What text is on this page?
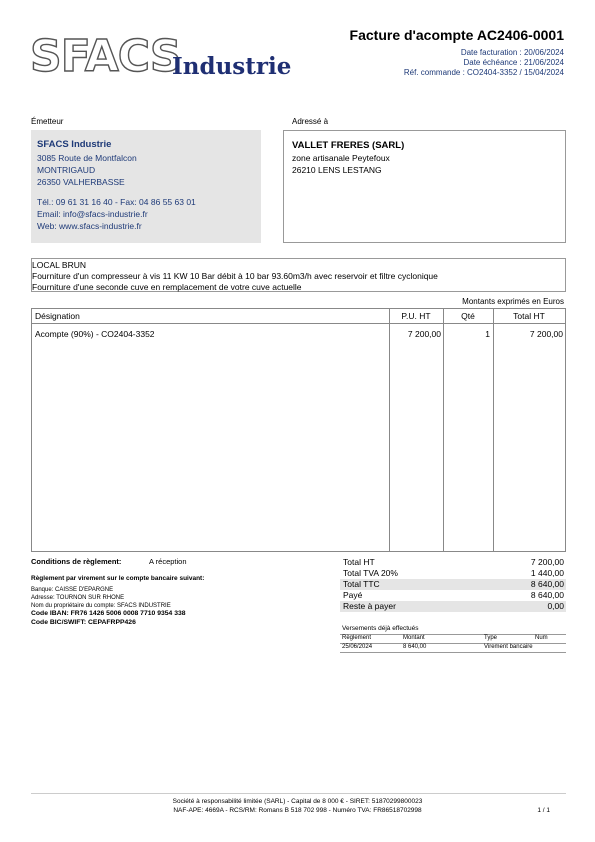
SFACS
Industrie
Facture d'acompte AC2406-0001
Date facturation : 20/06/2024
Date échéance : 21/06/2024
Réf. commande : CO2404-3352 / 15/04/2024
Émetteur
SFACS Industrie
3085 Route de Montfalcon
MONTRIGAUD
26350 VALHERBASSE
Tél.: 09 61 31 16 40 - Fax: 04 86 55 63 01
Email: info@sfacs-industrie.fr
Web: www.sfacs-industrie.fr
Adressé à
VALLET FRERES (SARL)
zone artisanale Peytefoux
26210 LENS LESTANG
LOCAL BRUN
Fourniture d'un compresseur à vis 11 KW 10 Bar débit à 10 bar 93.60m3/h avec reservoir et filtre cyclonique
Fourniture d'une seconde cuve en remplacement de votre cuve actuelle
Montants exprimés en Euros
Désignation	P.U. HT	Qté	Total HT
Acompte (90%) - CO2404-3352	7 200,00	1	7 200,00
Conditions de règlement:	A réception
Règlement par virement sur le compte bancaire suivant:
Banque: CAISSE D'EPARGNE
Adresse: TOURNON SUR RHONE
Nom du propriétaire du compte: SFACS INDUSTRIE
Code IBAN: FR76 1426 5006 0008 7710 9354 338
Code BIC/SWIFT: CEPAFRPP426
Total HT	7 200,00
Total TVA 20%	1 440,00
Total TTC	8 640,00
Payé	8 640,00
Reste à payer	0,00
Versements déjà effectués
Règlement	Montant	Type	Num
25/06/2024	8 640,00	Virement bancaire
Société à responsabilité limitée (SARL) - Capital de 8 000 € - SIRET: 51870299800023
NAF-APE: 4669A - RCS/RM: Romans B 518 702 998 - Numéro TVA: FR86518702998	1 / 1
